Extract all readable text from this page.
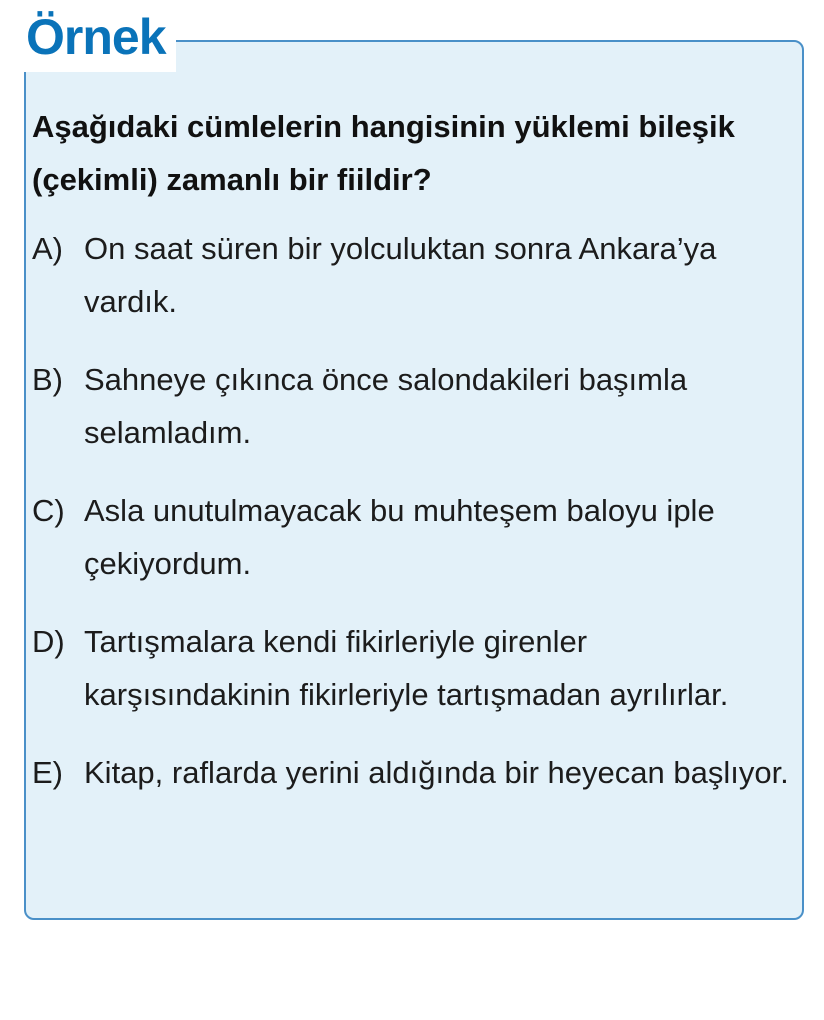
Örnek

Aşağıdaki cümlelerin hangisinin yüklemi bileşik (çekimli) zamanlı bir fiildir?

A) On saat süren bir yolculuktan sonra Ankara’ya vardık.
B) Sahneye çıkınca önce salondakileri başımla selamladım.
C) Asla unutulmayacak bu muhteşem baloyu iple çekiyordum.
D) Tartışmalara kendi fikirleriyle girenler karşısındakinin fikirleriyle tartışmadan ayrılırlar.
E) Kitap, raflarda yerini aldığında bir heyecan başlıyor.
